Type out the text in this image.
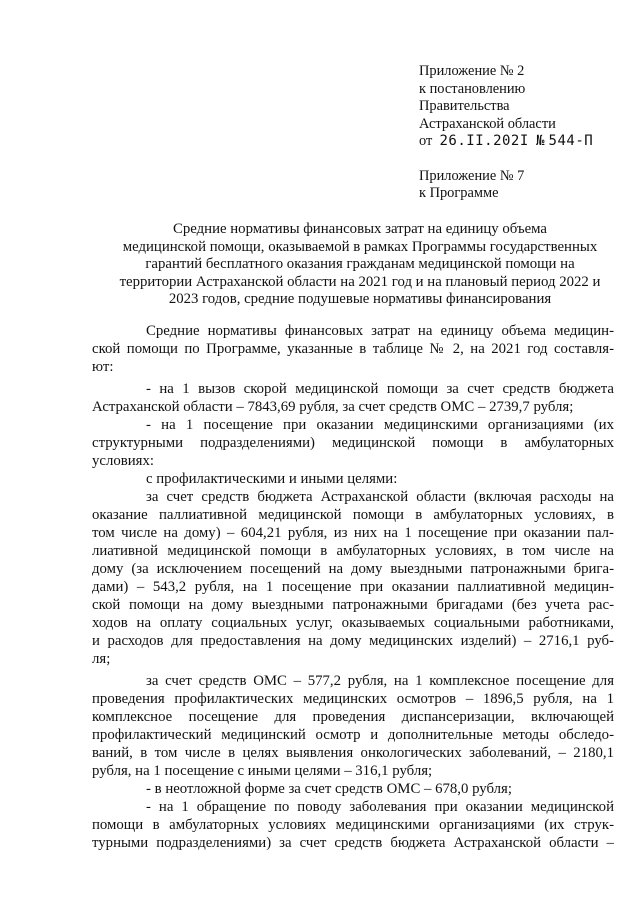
Приложение № 2
к постановлению
Правительства
Астраханской области
от 26.II.202I № 544-П
Приложение № 7
к Программе
Средние нормативы финансовых затрат на единицу объема
медицинской помощи, оказываемой в рамках Программы государственных
гарантий бесплатного оказания гражданам медицинской помощи на
территории Астраханской области на 2021 год и на плановый период 2022 и
2023 годов, средние подушевые нормативы финансирования
Средние нормативы финансовых затрат на единицу объема медицин-
ской помощи по Программе, указанные в таблице № 2, на 2021 год составля-
ют:
- на 1 вызов скорой медицинской помощи за счет средств бюджета
Астраханской области – 7843,69 рубля, за счет средств ОМС – 2739,7 рубля;
- на 1 посещение при оказании медицинскими организациями (их
структурными подразделениями) медицинской помощи в амбулаторных
условиях:
с профилактическими и иными целями:
за счет средств бюджета Астраханской области (включая расходы на
оказание паллиативной медицинской помощи в амбулаторных условиях, в
том числе на дому) – 604,21 рубля, из них на 1 посещение при оказании пал-
лиативной медицинской помощи в амбулаторных условиях, в том числе на
дому (за исключением посещений на дому выездными патронажными брига-
дами) – 543,2 рубля, на 1 посещение при оказании паллиативной медицин-
ской помощи на дому выездными патронажными бригадами (без учета рас-
ходов на оплату социальных услуг, оказываемых социальными работниками,
и расходов для предоставления на дому медицинских изделий) – 2716,1 руб-
ля;
за счет средств ОМС – 577,2 рубля, на 1 комплексное посещение для
проведения профилактических медицинских осмотров – 1896,5 рубля, на 1
комплексное посещение для проведения диспансеризации, включающей
профилактический медицинский осмотр и дополнительные методы обследо-
ваний, в том числе в целях выявления онкологических заболеваний, – 2180,1
рубля, на 1 посещение с иными целями – 316,1 рубля;
- в неотложной форме за счет средств ОМС – 678,0 рубля;
- на 1 обращение по поводу заболевания при оказании медицинской
помощи в амбулаторных условиях медицинскими организациями (их струк-
турными подразделениями) за счет средств бюджета Астраханской области –
